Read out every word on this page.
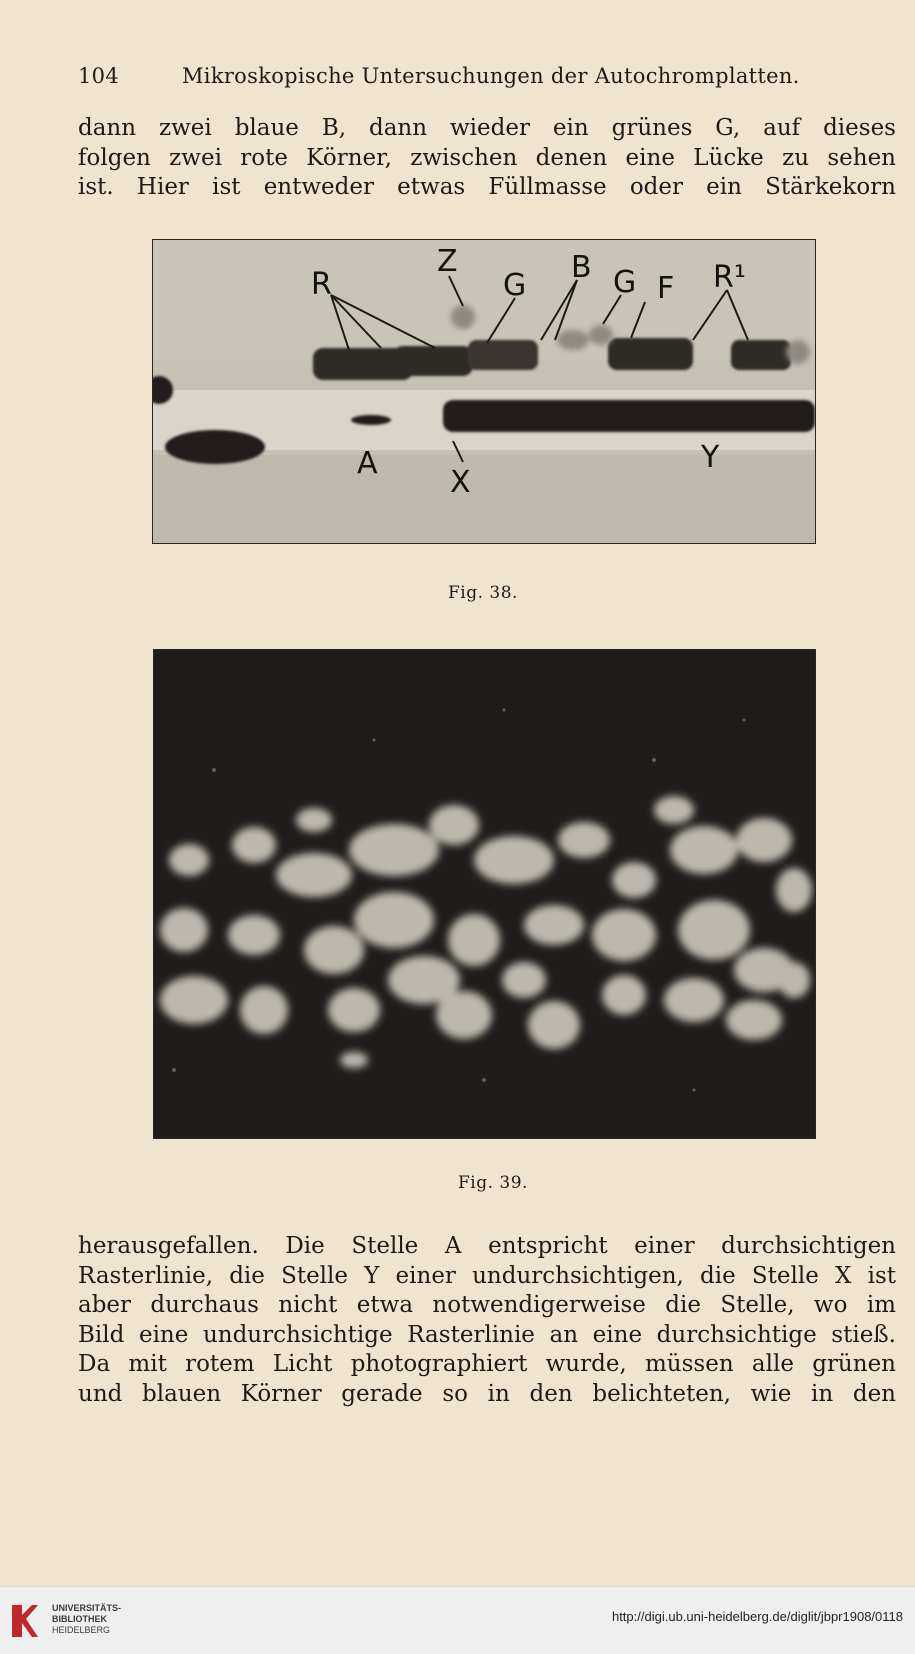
104	Mikroskopische Untersuchungen der Autochromplatten.
dann zwei blaue B, dann wieder ein grünes G, auf dieses
folgen zwei rote Körner, zwischen denen eine Lücke zu sehen
ist. Hier ist entweder etwas Füllmasse oder ein Stärkekorn
R
Z
G
B G F R¹
A
X
Y
Fig. 38.
Fig. 39.
herausgefallen. Die Stelle A entspricht einer durchsichtigen
Rasterlinie, die Stelle Y einer undurchsichtigen, die Stelle X ist
aber durchaus nicht etwa notwendigerweise die Stelle, wo im
Bild eine undurchsichtige Rasterlinie an eine durchsichtige stieß.
Da mit rotem Licht photographiert wurde, müssen alle grünen
und blauen Körner gerade so in den belichteten, wie in den
UNIVERSITÄTS-
BIBLIOTHEK
HEIDELBERG
http://digi.ub.uni-heidelberg.de/diglit/jbpr1908/0118
